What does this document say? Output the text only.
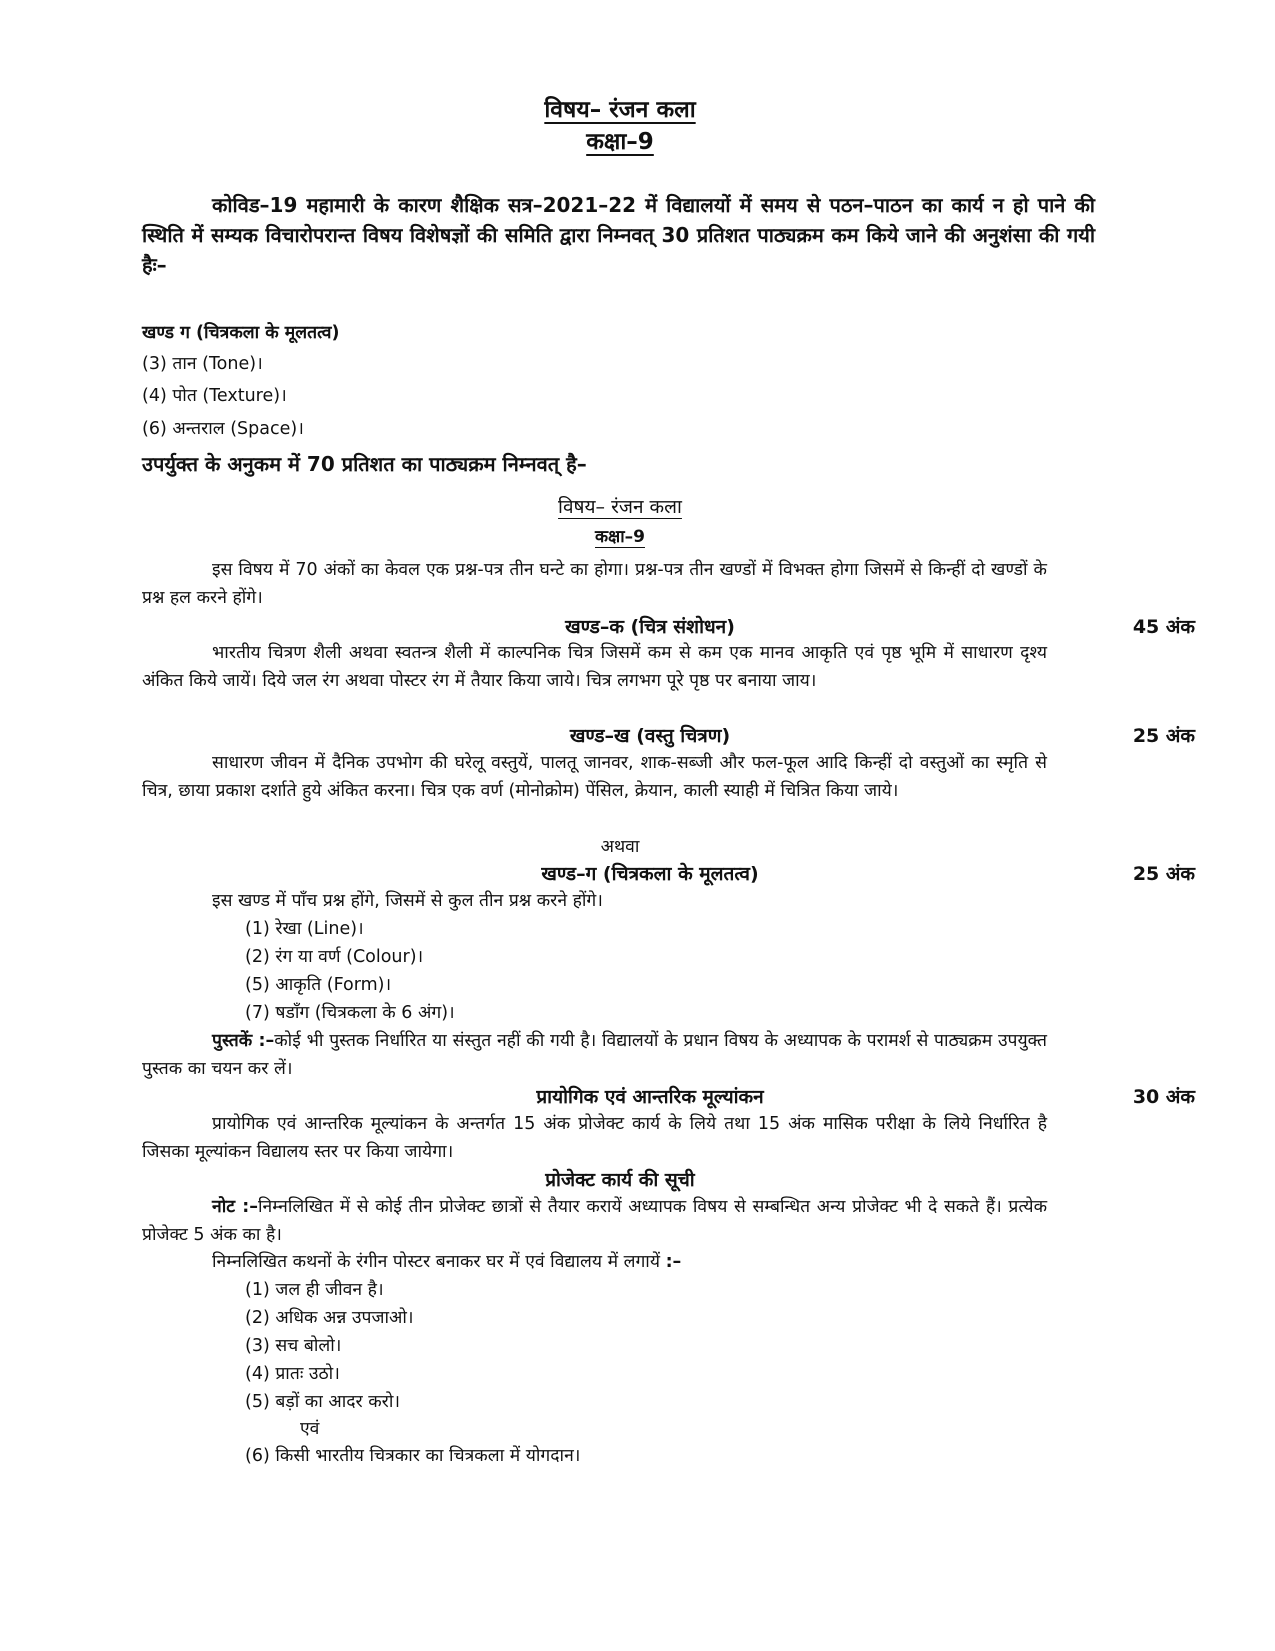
विषय– रंजन कला
कक्षा–9
कोविड–19 महामारी के कारण शैक्षिक सत्र–2021–22 में विद्यालयों में समय से पठन–पाठन का कार्य न हो पाने की स्थिति में सम्यक विचारोपरान्त विषय विशेषज्ञों की समिति द्वारा निम्नवत् 30 प्रतिशत पाठ्यक्रम कम किये जाने की अनुशंसा की गयी हैः–
खण्ड ग (चित्रकला के मूलतत्व)
(3) तान (Tone)।
(4) पोत (Texture)।
(6) अन्तराल (Space)।
उपर्युक्त के अनुकम में 70 प्रतिशत का पाठ्यक्रम निम्नवत् है–
विषय– रंजन कला
कक्षा–9
इस विषय में 70 अंकों का केवल एक प्रश्न-पत्र तीन घन्टे का होगा। प्रश्न-पत्र तीन खण्डों में विभक्त होगा जिसमें से किन्हीं दो खण्डों के प्रश्न हल करने होंगे।
खण्ड–क (चित्र संशोधन)	45 अंक
भारतीय चित्रण शैली अथवा स्वतन्त्र शैली में काल्पनिक चित्र जिसमें कम से कम एक मानव आकृति एवं पृष्ठ भूमि में साधारण दृश्य अंकित किये जायें। दिये जल रंग अथवा पोस्टर रंग में तैयार किया जाये। चित्र लगभग पूरे पृष्ठ पर बनाया जाय।
खण्ड–ख (वस्तु चित्रण)	25 अंक
साधारण जीवन में दैनिक उपभोग की घरेलू वस्तुयें, पालतू जानवर, शाक-सब्जी और फल-फूल आदि किन्हीं दो वस्तुओं का स्मृति से चित्र, छाया प्रकाश दर्शाते हुये अंकित करना। चित्र एक वर्ण (मोनोक्रोम) पेंसिल, क्रेयान, काली स्याही में चित्रित किया जाये।
अथवा
खण्ड–ग (चित्रकला के मूलतत्व)	25 अंक
इस खण्ड में पाँच प्रश्न होंगे, जिसमें से कुल तीन प्रश्न करने होंगे।
(1) रेखा (Line)।
(2) रंग या वर्ण (Colour)।
(5) आकृति (Form)।
(7) षडाँग (चित्रकला के 6 अंग)।
पुस्तकें :–कोई भी पुस्तक निर्धारित या संस्तुत नहीं की गयी है। विद्यालयों के प्रधान विषय के अध्यापक के परामर्श से पाठ्यक्रम उपयुक्त पुस्तक का चयन कर लें।
प्रायोगिक एवं आन्तरिक मूल्यांकन	30 अंक
प्रायोगिक एवं आन्तरिक मूल्यांकन के अन्तर्गत 15 अंक प्रोजेक्ट कार्य के लिये तथा 15 अंक मासिक परीक्षा के लिये निर्धारित है जिसका मूल्यांकन विद्यालय स्तर पर किया जायेगा।
प्रोजेक्ट कार्य की सूची
नोट :–निम्नलिखित में से कोई तीन प्रोजेक्ट छात्रों से तैयार करायें अध्यापक विषय से सम्बन्धित अन्य प्रोजेक्ट भी दे सकते हैं। प्रत्येक प्रोजेक्ट 5 अंक का है।
निम्नलिखित कथनों के रंगीन पोस्टर बनाकर घर में एवं विद्यालय में लगायें :–
(1) जल ही जीवन है।
(2) अधिक अन्न उपजाओ।
(3) सच बोलो।
(4) प्रातः उठो।
(5) बड़ों का आदर करो।
एवं
(6) किसी भारतीय चित्रकार का चित्रकला में योगदान।
